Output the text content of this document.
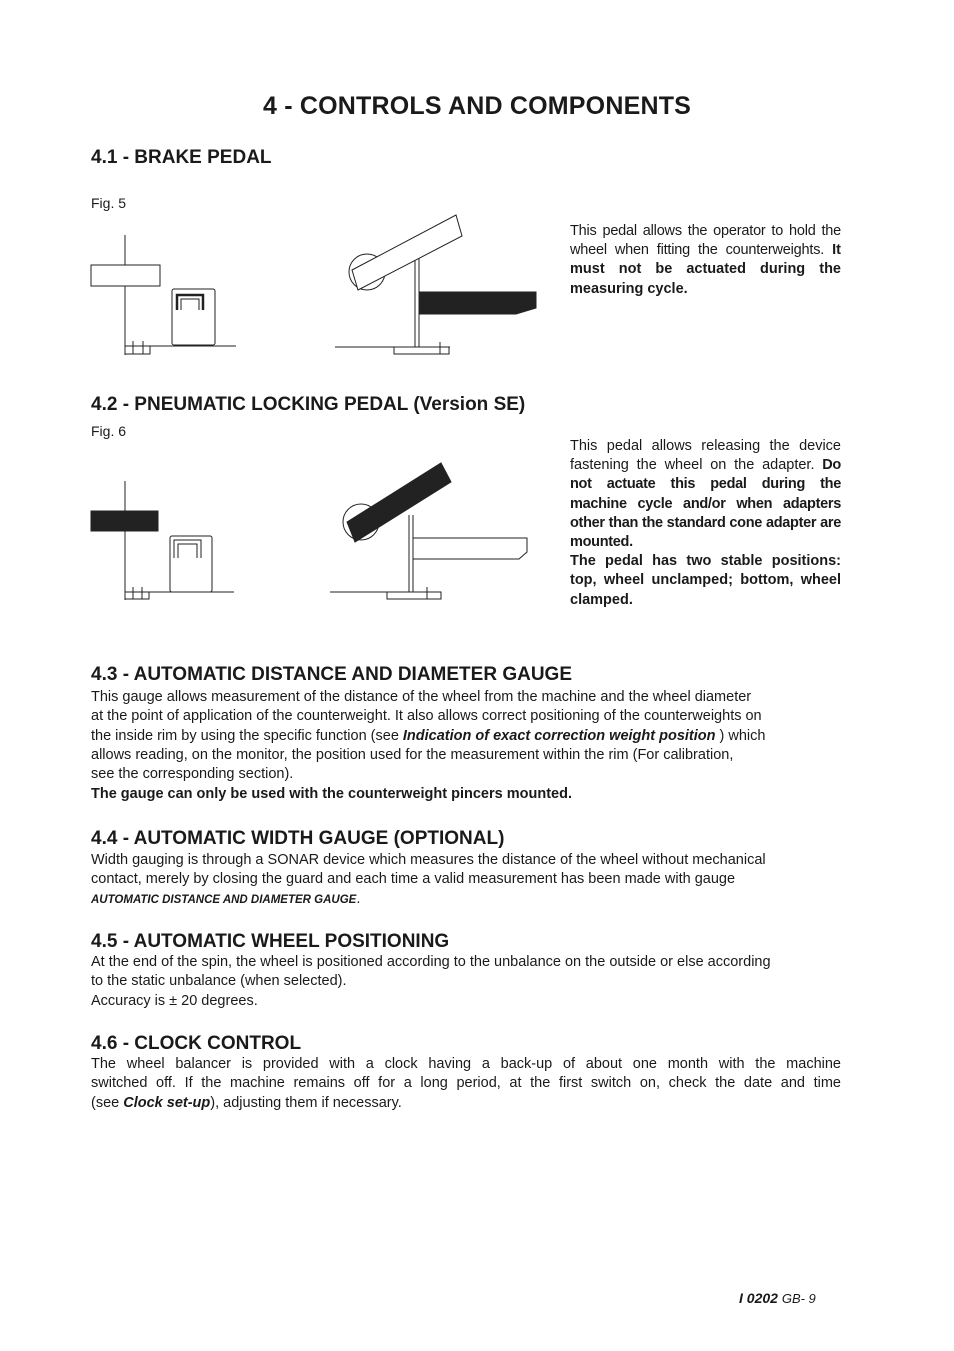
4 - CONTROLS AND COMPONENTS
4.1 - BRAKE PEDAL
Fig. 5
This pedal allows the operator to hold the wheel when fitting the counterweights. It must not be actuated during the measuring cycle.
4.2 - PNEUMATIC LOCKING PEDAL (Version SE)
Fig. 6
This pedal allows releasing the device fastening the wheel on the adapter. Do not actuate this pedal during the machine cycle and/or when adapters other than the standard cone adapter are mounted.
The pedal has two stable positions: top, wheel unclamped; bottom, wheel clamped.
4.3 - AUTOMATIC DISTANCE AND DIAMETER GAUGE
This gauge allows measurement of the distance of the wheel from the machine and the wheel diameter
at the point of application of the counterweight. It also allows correct positioning of the counterweights on
the inside rim by using the specific function (see Indication of exact correction weight position ) which
allows reading, on the monitor, the position used for the measurement within the rim (For calibration,
see the corresponding section).
The gauge can only be used with the counterweight pincers mounted.
4.4 - AUTOMATIC WIDTH GAUGE (OPTIONAL)
Width gauging is through a SONAR device which measures the distance of the wheel without mechanical
contact, merely by closing the guard and each time a valid measurement has been made with gauge
AUTOMATIC DISTANCE AND DIAMETER GAUGE.
4.5 - AUTOMATIC WHEEL POSITIONING
At the end of the spin, the wheel is positioned according to the unbalance on the outside or else according
to the static unbalance (when selected).
Accuracy is ± 20 degrees.
4.6 - CLOCK CONTROL
The wheel balancer is provided with a clock having a back-up of about one month with the machine
switched off. If the machine remains off for a long period, at the first switch on, check the date and time
(see Clock set-up), adjusting them if necessary.
I 0202 GB- 9
